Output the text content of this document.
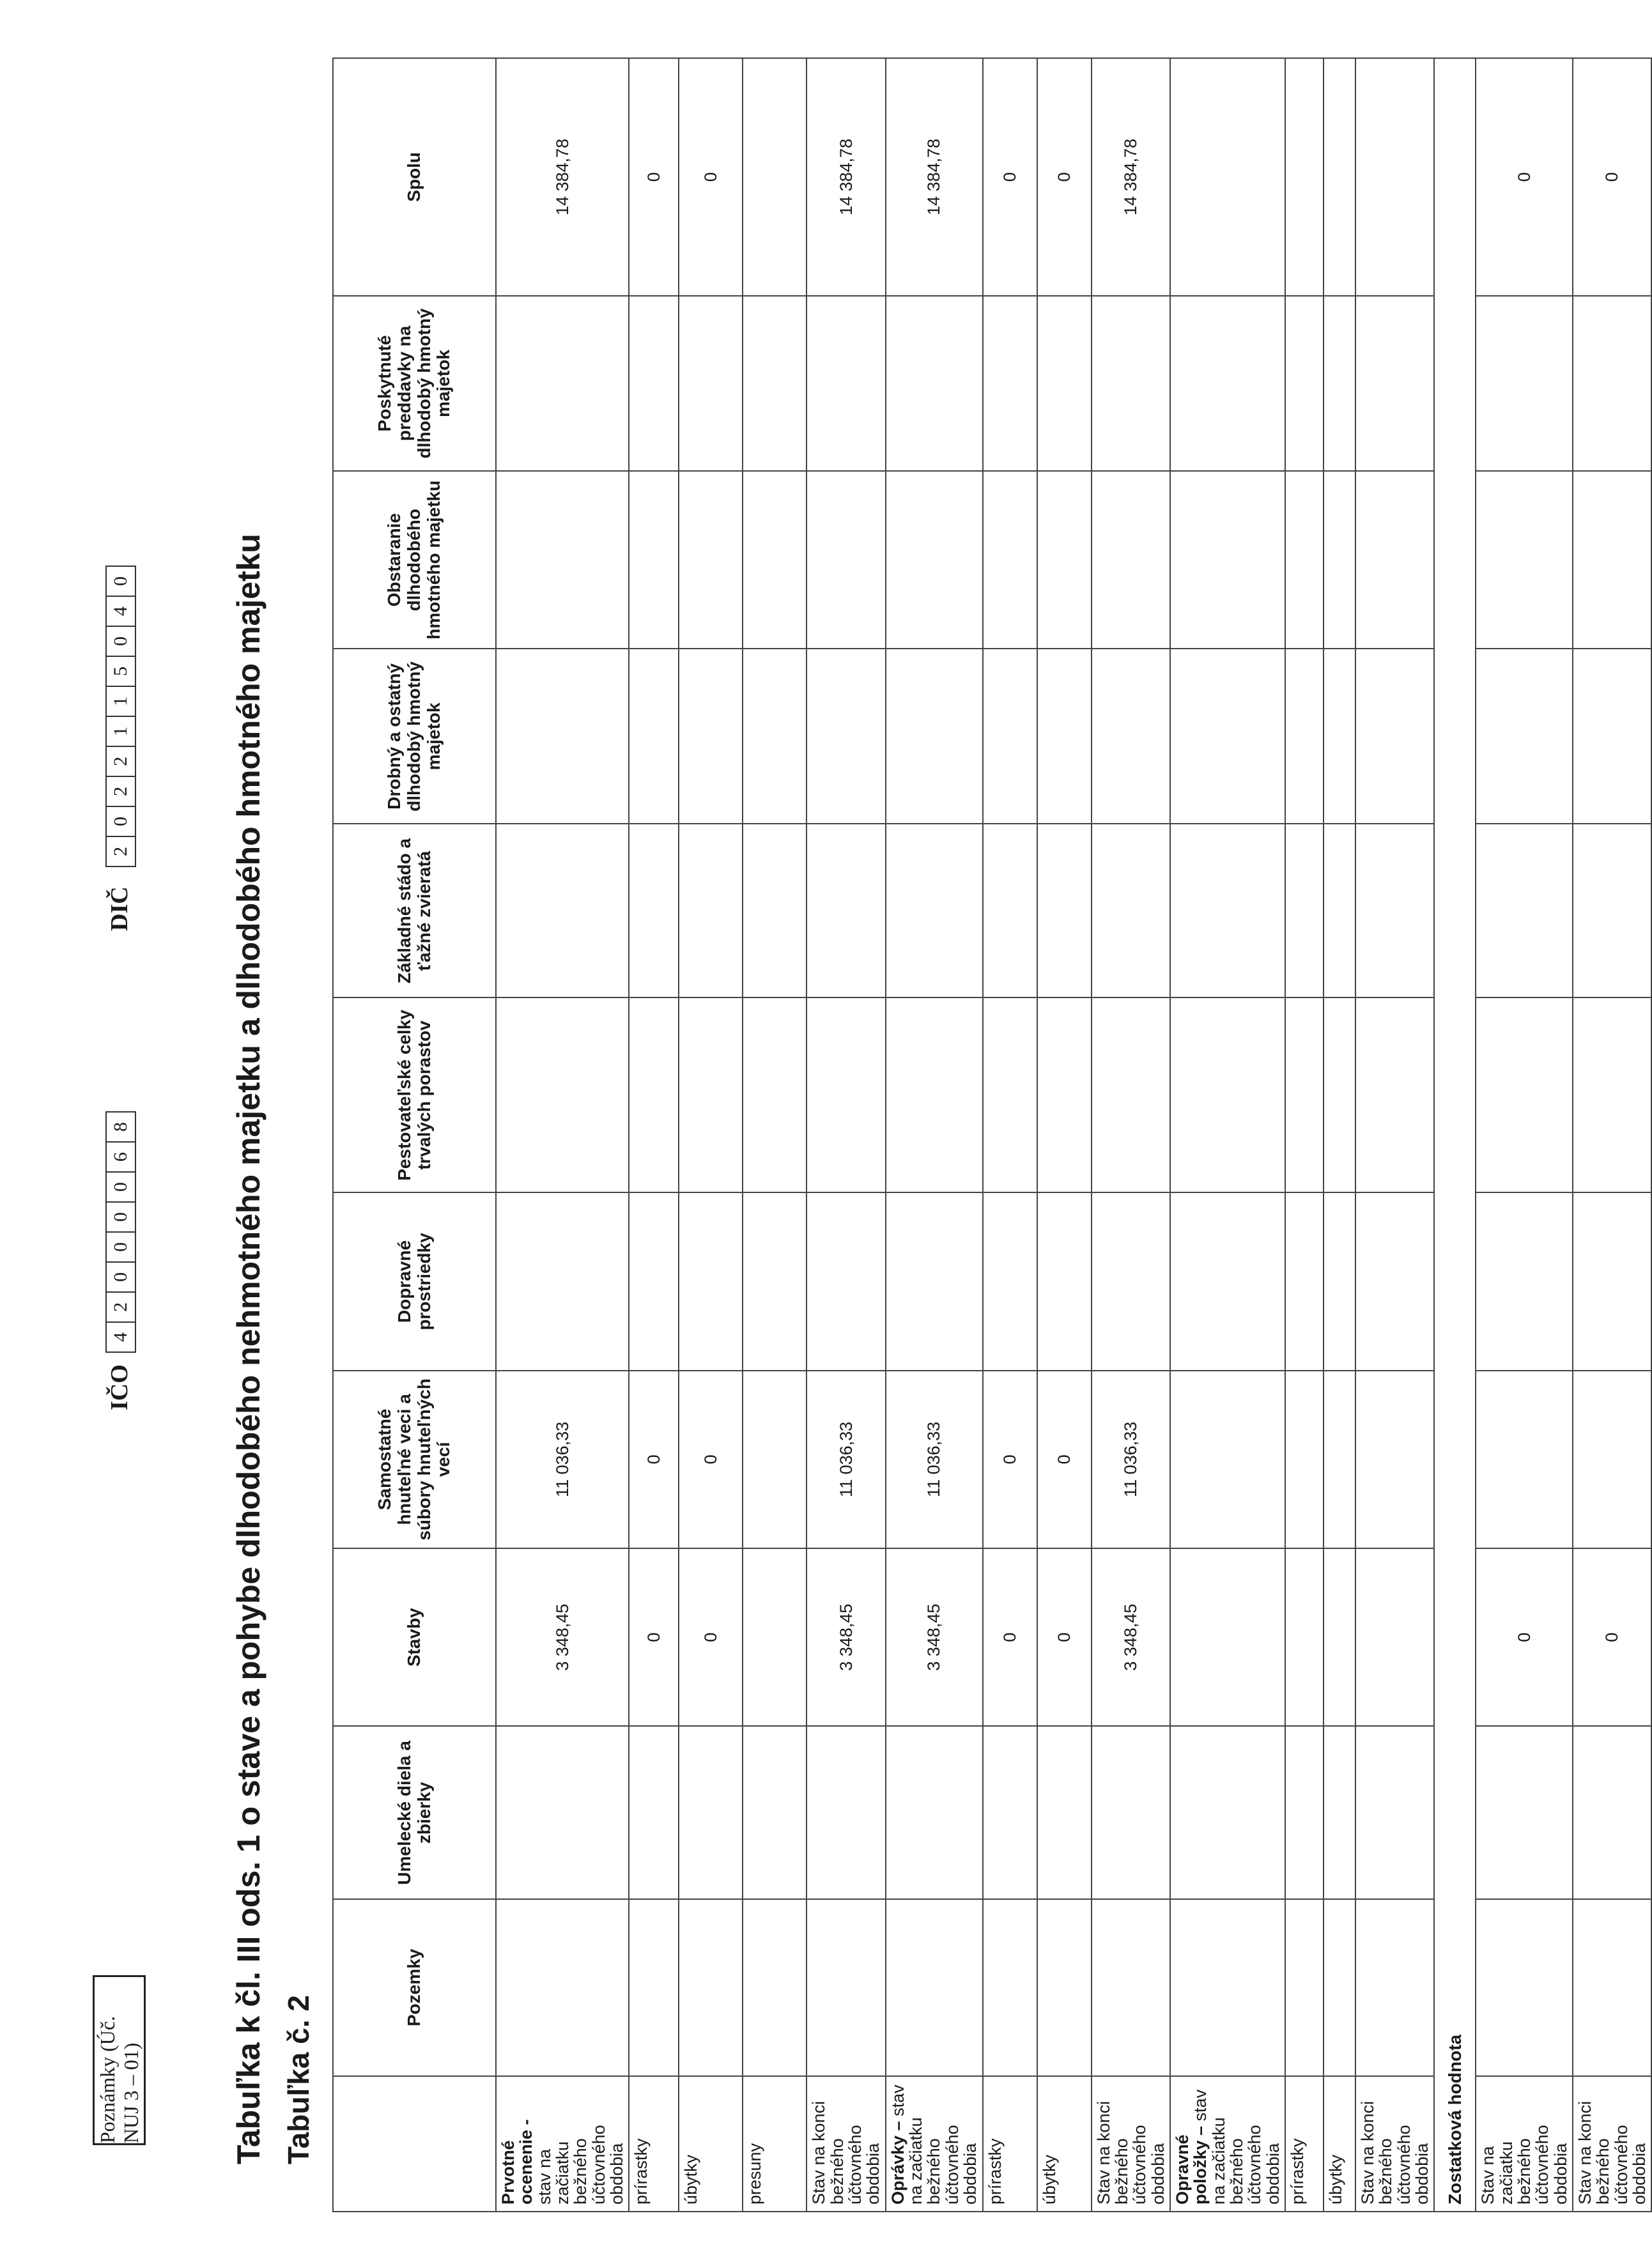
Poznámky (Úč. NUJ 3 – 01)
IČO
4
2
0
0
0
0
6
8
DIČ
2
0
2
2
1
1
5
0
4
0	Tabuľka k čl. III ods. 1 o stave a pohybe dlhodobého nehmotného majetku a dlhodobého hmotného majetku Tabuľka č. 2
	Pozemky	Umelecké diela a zbierky	Stavby	Samostatné hnuteľné veci a súbory hnuteľných vecí	Dopravné prostriedky	Pestovateľské celky trvalých porastov	Základné stádo a ťažné zvieratá	Drobný a ostatný dlhodobý hmotný majetok	Obstaranie dlhodobého hmotného majetku	Poskytnuté preddavky na dlhodobý hmotný majetok	Spolu
Prvotné ocenenie - stav na začiatku bežného účtovného obdobia			3 348,45	11 036,33							14 384,78
prírastky			0	0							0
úbytky			0	0							0
presuny											
Stav na konci bežného účtovného obdobia			3 348,45	11 036,33							14 384,78
Oprávky – stav na začiatku bežného účtovného obdobia			3 348,45	11 036,33							14 384,78
prírastky			0	0							0
úbytky			0	0							0
Stav na konci bežného účtovného obdobia			3 348,45	11 036,33							14 384,78
Opravné položky – stav na začiatku bežného účtovného obdobia											
prírastky											
úbytky											
Stav na konci bežného účtovného obdobia											
Zostatková hodnota											
Stav na začiatku bežného účtovného obdobia			0								0
Stav na konci bežného účtovného obdobia			0								0
